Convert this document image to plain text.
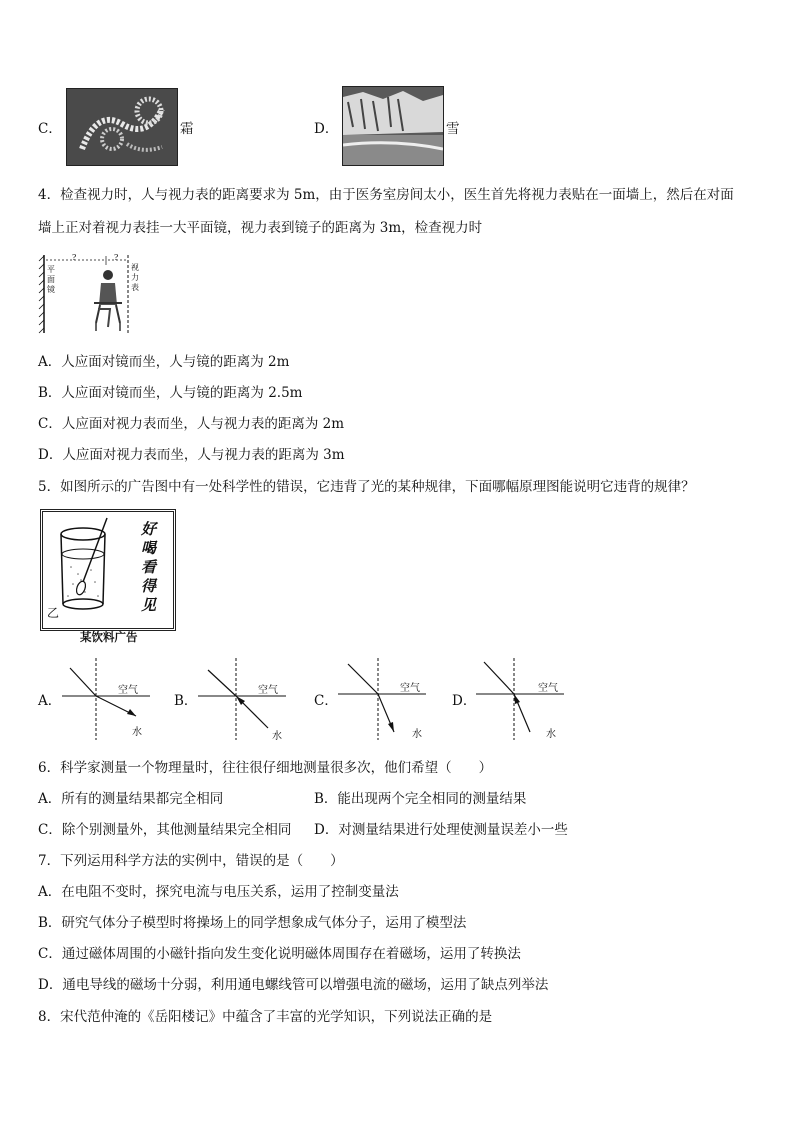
C．	霜	D．	雪
4．检查视力时，人与视力表的距离要求为 5m，由于医务室房间太小，医生首先将视力表贴在一面墙上，然后在对面
墙上正对着视力表挂一大平面镜，视力表到镜子的距离为 3m，检查视力时
平面镜
视力表
?	?
A．人应面对镜而坐，人与镜的距离为 2m
B．人应面对镜而坐，人与镜的距离为 2.5m
C．人应面对视力表而坐，人与视力表的距离为 2m
D．人应面对视力表而坐，人与视力表的距离为 3m
5．如图所示的广告图中有一处科学性的错误，它违背了光的某种规律，下面哪幅原理图能说明它违背的规律？
好
喝
看
得
见
乙
某饮料广告
A．
空气
水
B．
空气
水
C．
空气
水
D．
空气
水
6．科学家测量一个物理量时，往往很仔细地测量很多次，他们希望（　　）
A．所有的测量结果都完全相同	B．能出现两个完全相同的测量结果
C．除个别测量外，其他测量结果完全相同 D．对测量结果进行处理使测量误差小一些
7．下列运用科学方法的实例中，错误的是（　　）
A．在电阻不变时，探究电流与电压关系，运用了控制变量法
B．研究气体分子模型时将操场上的同学想象成气体分子，运用了模型法
C．通过磁体周围的小磁针指向发生变化说明磁体周围存在着磁场，运用了转换法
D．通电导线的磁场十分弱，利用通电螺线管可以增强电流的磁场，运用了缺点列举法
8．宋代范仲淹的《岳阳楼记》中蕴含了丰富的光学知识，下列说法正确的是
